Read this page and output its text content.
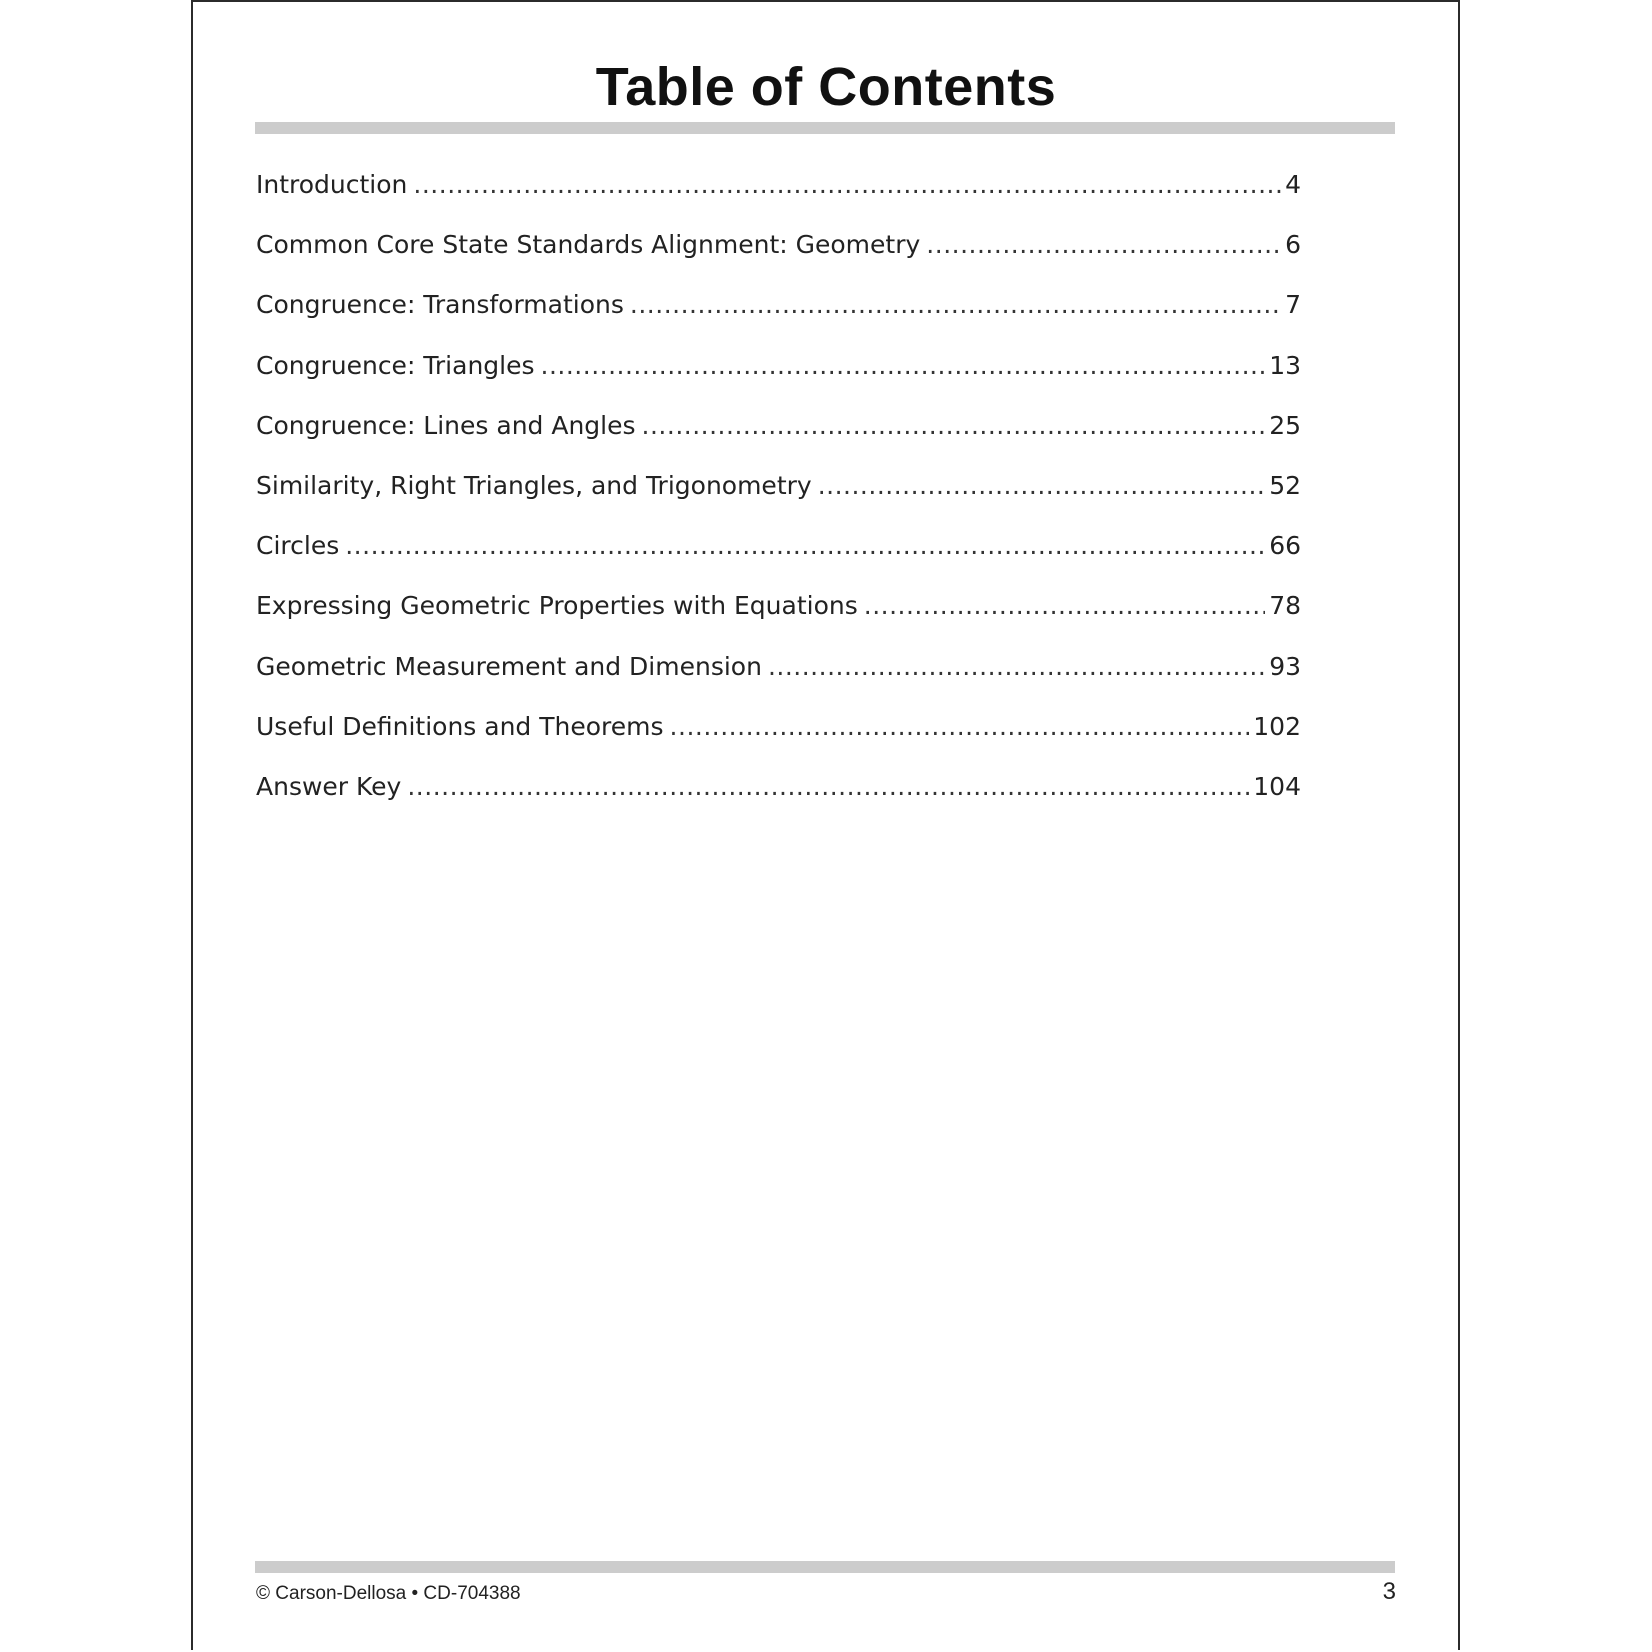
Table of Contents
Introduction .....	4
Common Core State Standards Alignment: Geometry .....	6
Congruence: Transformations .....	7
Congruence: Triangles .....	13
Congruence: Lines and Angles .....	25
Similarity, Right Triangles, and Trigonometry .....	52
Circles .....	66
Expressing Geometric Properties with Equations .....	78
Geometric Measurement and Dimension .....	93
Useful Definitions and Theorems .....	102
Answer Key .....	104
© Carson-Dellosa • CD-704388	3
